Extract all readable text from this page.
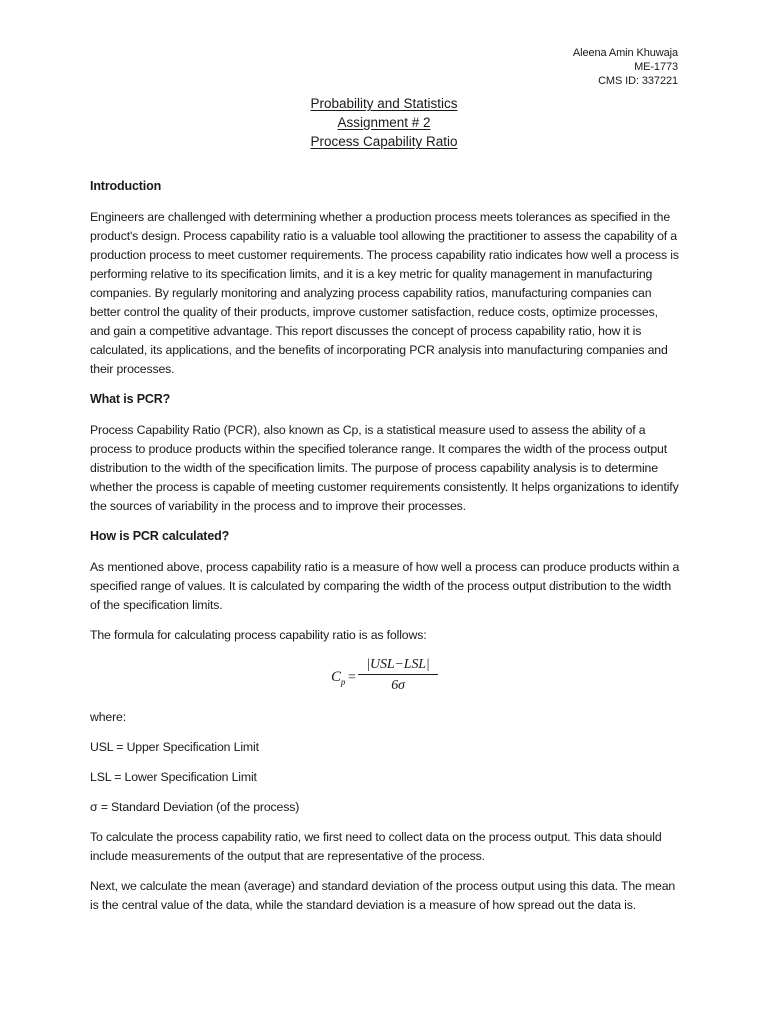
Aleena Amin Khuwaja
ME-1773
CMS ID: 337221
Probability and Statistics
Assignment # 2
Process Capability Ratio
Introduction

Engineers are challenged with determining whether a production process meets tolerances as specified in the product's design. Process capability ratio is a valuable tool allowing the practitioner to assess the capability of a production process to meet customer requirements. The process capability ratio indicates how well a process is performing relative to its specification limits, and it is a key metric for quality management in manufacturing companies. By regularly monitoring and analyzing process capability ratios, manufacturing companies can better control the quality of their products, improve customer satisfaction, reduce costs, optimize processes, and gain a competitive advantage. This report discusses the concept of process capability ratio, how it is calculated, its applications, and the benefits of incorporating PCR analysis into manufacturing companies and their processes.

What is PCR?

Process Capability Ratio (PCR), also known as Cp, is a statistical measure used to assess the ability of a process to produce products within the specified tolerance range. It compares the width of the process output distribution to the width of the specification limits. The purpose of process capability analysis is to determine whether the process is capable of meeting customer requirements consistently. It helps organizations to identify the sources of variability in the process and to improve their processes.

How is PCR calculated?

As mentioned above, process capability ratio is a measure of how well a process can produce products within a specified range of values. It is calculated by comparing the width of the process output distribution to the width of the specification limits.

The formula for calculating process capability ratio is as follows:

$C_p$ =
|USL−LSL|
6σ

where:

USL = Upper Specification Limit

LSL = Lower Specification Limit

σ = Standard Deviation (of the process)

To calculate the process capability ratio, we first need to collect data on the process output. This data should include measurements of the output that are representative of the process.

Next, we calculate the mean (average) and standard deviation of the process output using this data. The mean is the central value of the data, while the standard deviation is a measure of how spread out the data is.
